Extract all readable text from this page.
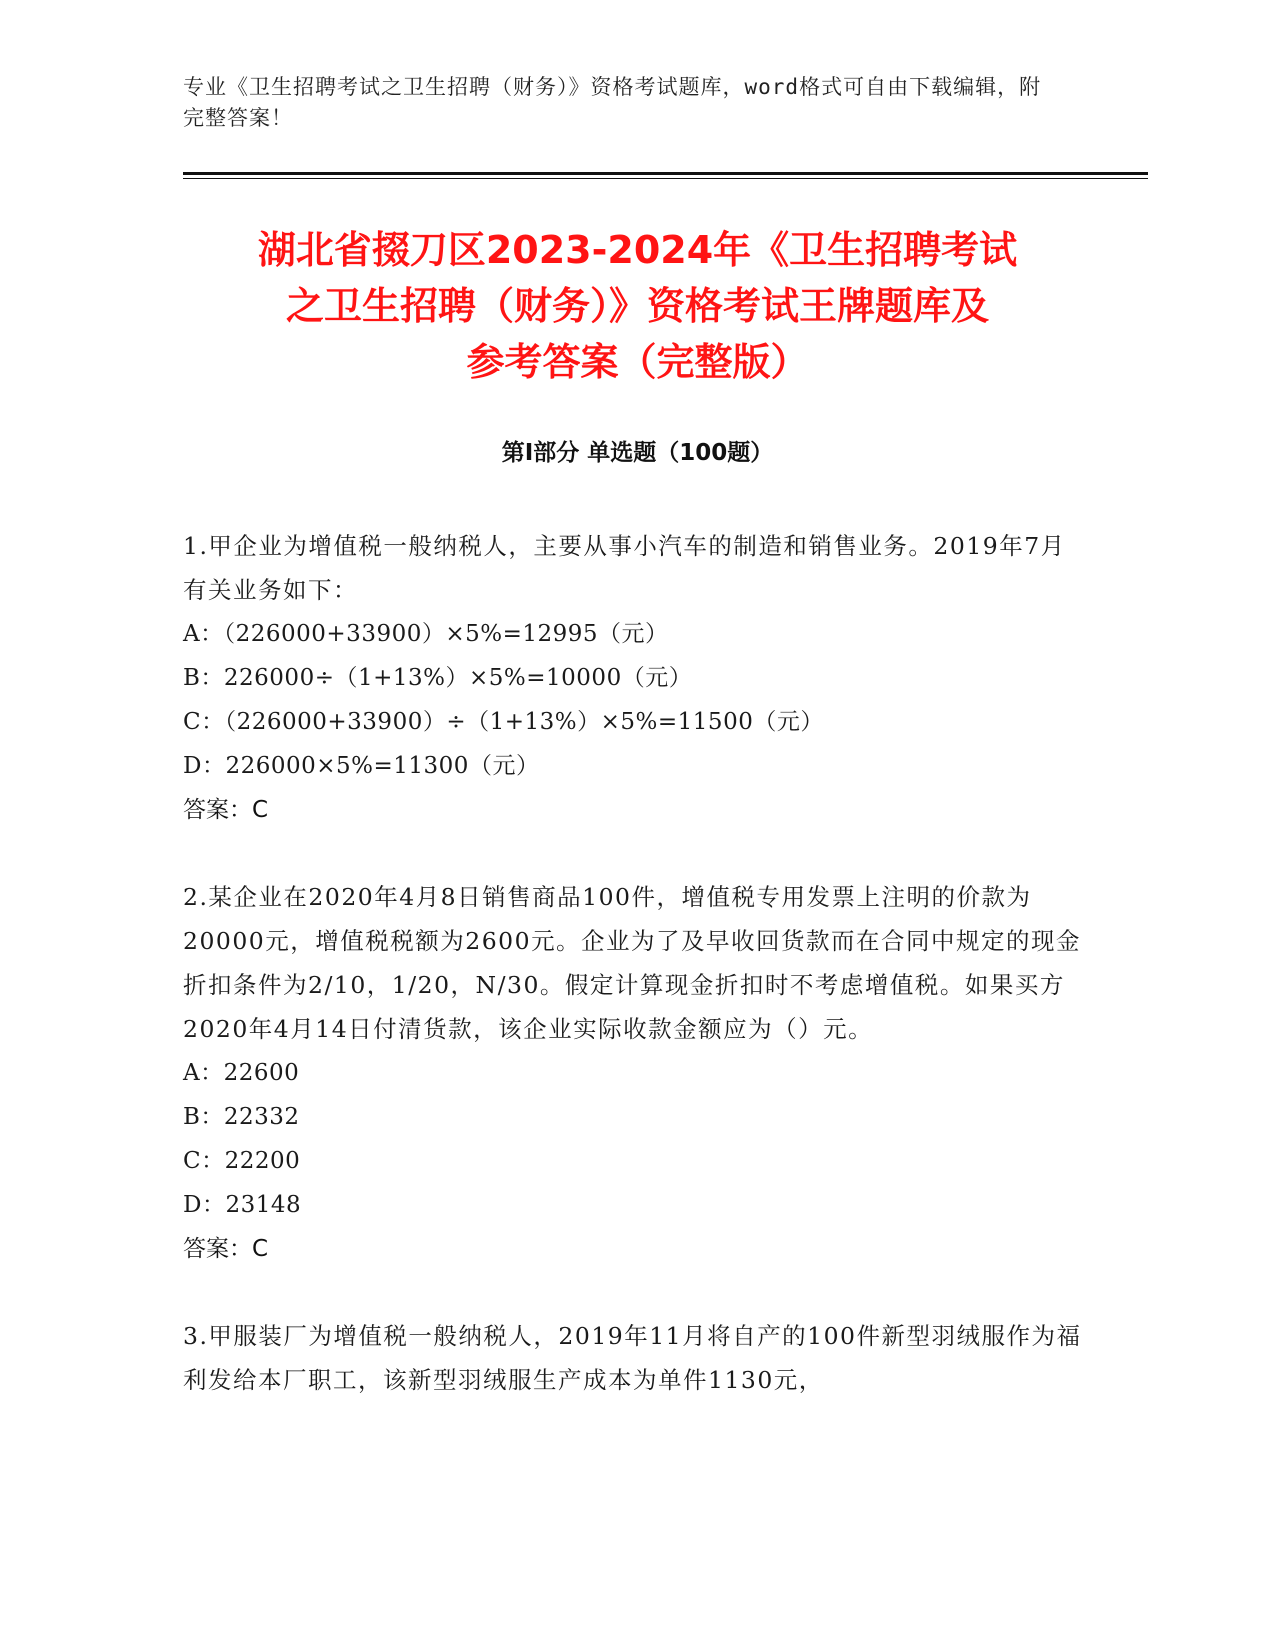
专业《卫生招聘考试之卫生招聘（财务）》资格考试题库，word格式可自由下载编辑，附完整答案！
湖北省掇刀区2023-2024年《卫生招聘考试
之卫生招聘（财务）》资格考试王牌题库及
参考答案（完整版）
第Ⅰ部分 单选题（100题）
1.甲企业为增值税一般纳税人，主要从事小汽车的制造和销售业务。2019年7月有关业务如下：
A：（226000+33900）×5%=12995（元）
B：226000÷（1+13%）×5%=10000（元）
C：（226000+33900）÷（1+13%）×5%=11500（元）
D：226000×5%=11300（元）
答案：C
2.某企业在2020年4月8日销售商品100件，增值税专用发票上注明的价款为20000元，增值税税额为2600元。企业为了及早收回货款而在合同中规定的现金折扣条件为2/10，1/20，N/30。假定计算现金折扣时不考虑增值税。如果买方2020年4月14日付清货款，该企业实际收款金额应为（）元。
A：22600
B：22332
C：22200
D：23148
答案：C
3.甲服装厂为增值税一般纳税人，2019年11月将自产的100件新型羽绒服作为福利发给本厂职工，该新型羽绒服生产成本为单件1130元，
